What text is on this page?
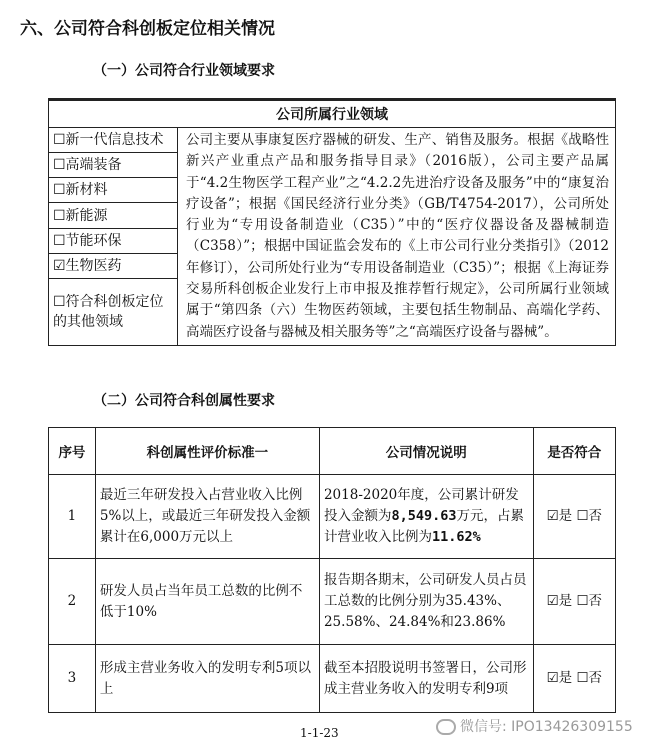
六、公司符合科创板定位相关情况
（一）公司符合行业领域要求
公司所属行业领域
☐新一代信息技术	公司主要从事康复医疗器械的研发、生产、销售及服务。根据《战略性新兴产业重点产品和服务指导目录》（2016版），公司主要产品属于“4.2生物医学工程产业”之“4.2.2先进治疗设备及服务”中的“康复治疗设备”；根据《国民经济行业分类》（GB/T4754-2017），公司所处行业为“专用设备制造业（C35）”中的“医疗仪器设备及器械制造（C358）”；根据中国证监会发布的《上市公司行业分类指引》（2012年修订），公司所处行业为“专用设备制造业（C35）”；根据《上海证券交易所科创板企业发行上市申报及推荐暂行规定》，公司所属行业领域属于“第四条（六）生物医药领域，主要包括生物制品、高端化学药、高端医疗设备与器械及相关服务等”之“高端医疗设备与器械”。
☐高端装备
☐新材料
☐新能源
☐节能环保
☑生物医药
☐符合科创板定位的其他领域
（二）公司符合科创属性要求
序号	科创属性评价标准一	公司情况说明	是否符合
1	最近三年研发投入占营业收入比例5%以上，或最近三年研发投入金额累计在6,000万元以上	2018-2020年度，公司累计研发投入金额为8,549.63万元，占累计营业收入比例为11.62%	☑是 ☐否
2	研发人员占当年员工总数的比例不低于10%	报告期各期末，公司研发人员占员工总数的比例分别为35.43%、25.58%、24.84%和23.86%	☑是 ☐否
3	形成主营业务收入的发明专利5项以上	截至本招股说明书签署日，公司形成主营业务收入的发明专利9项	☑是 ☐否
1-1-23	微信号: IPO13426309155
